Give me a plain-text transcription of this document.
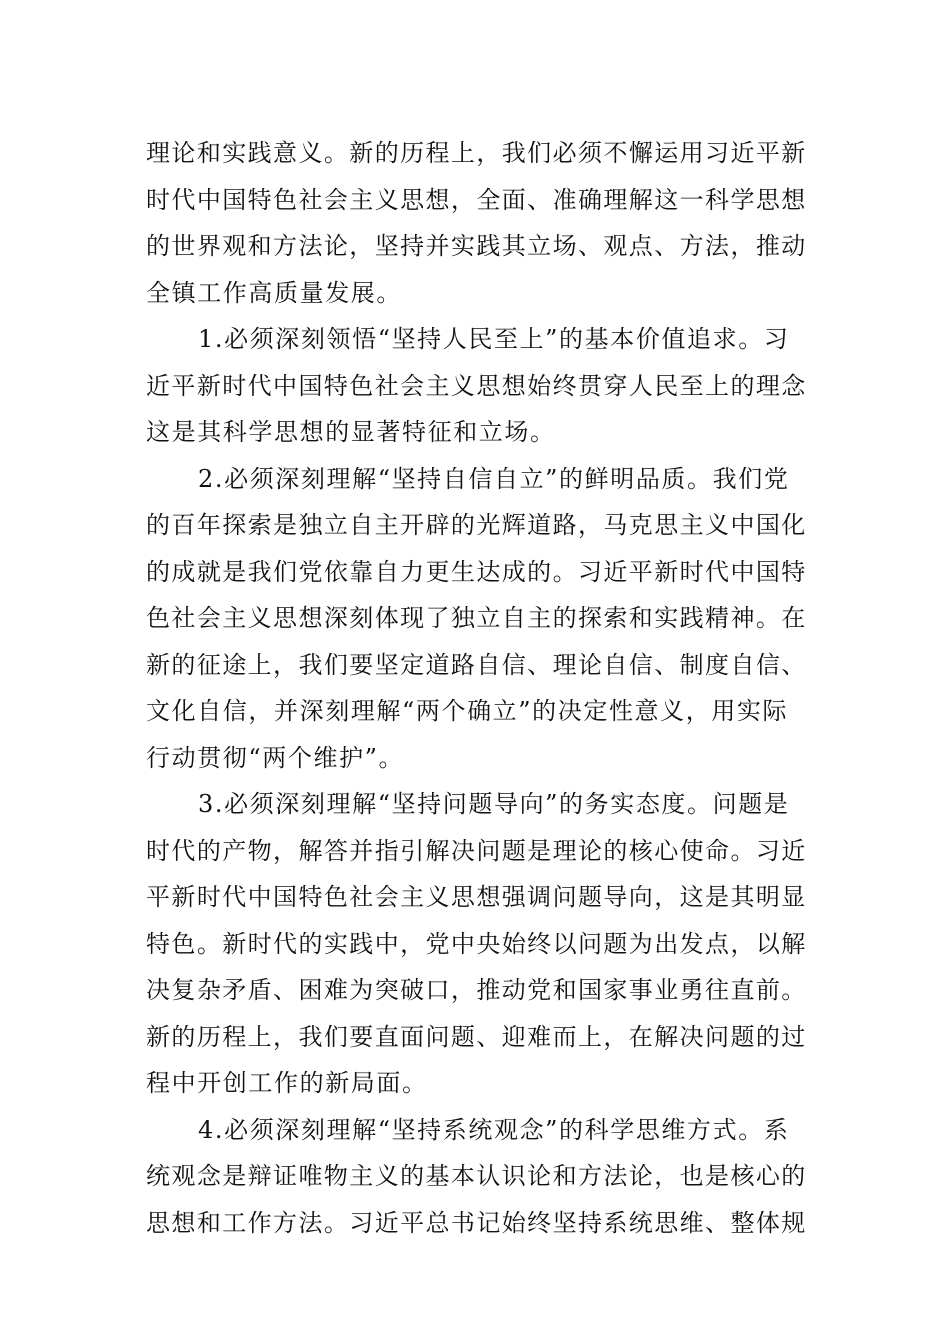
理论和实践意义。新的历程上，我们必须不懈运用习近平新
时代中国特色社会主义思想，全面、准确理解这一科学思想
的世界观和方法论，坚持并实践其立场、观点、方法，推动
全镇工作高质量发展。
1.必须深刻领悟“坚持人民至上”的基本价值追求。习
近平新时代中国特色社会主义思想始终贯穿人民至上的理念
这是其科学思想的显著特征和立场。
2.必须深刻理解“坚持自信自立”的鲜明品质。我们党
的百年探索是独立自主开辟的光辉道路，马克思主义中国化
的成就是我们党依靠自力更生达成的。习近平新时代中国特
色社会主义思想深刻体现了独立自主的探索和实践精神。在
新的征途上，我们要坚定道路自信、理论自信、制度自信、
文化自信，并深刻理解“两个确立”的决定性意义，用实际
行动贯彻“两个维护”。
3.必须深刻理解“坚持问题导向”的务实态度。问题是
时代的产物，解答并指引解决问题是理论的核心使命。习近
平新时代中国特色社会主义思想强调问题导向，这是其明显
特色。新时代的实践中，党中央始终以问题为出发点，以解
决复杂矛盾、困难为突破口，推动党和国家事业勇往直前。
新的历程上，我们要直面问题、迎难而上，在解决问题的过
程中开创工作的新局面。
4.必须深刻理解“坚持系统观念”的科学思维方式。系
统观念是辩证唯物主义的基本认识论和方法论，也是核心的
思想和工作方法。习近平总书记始终坚持系统思维、整体规
